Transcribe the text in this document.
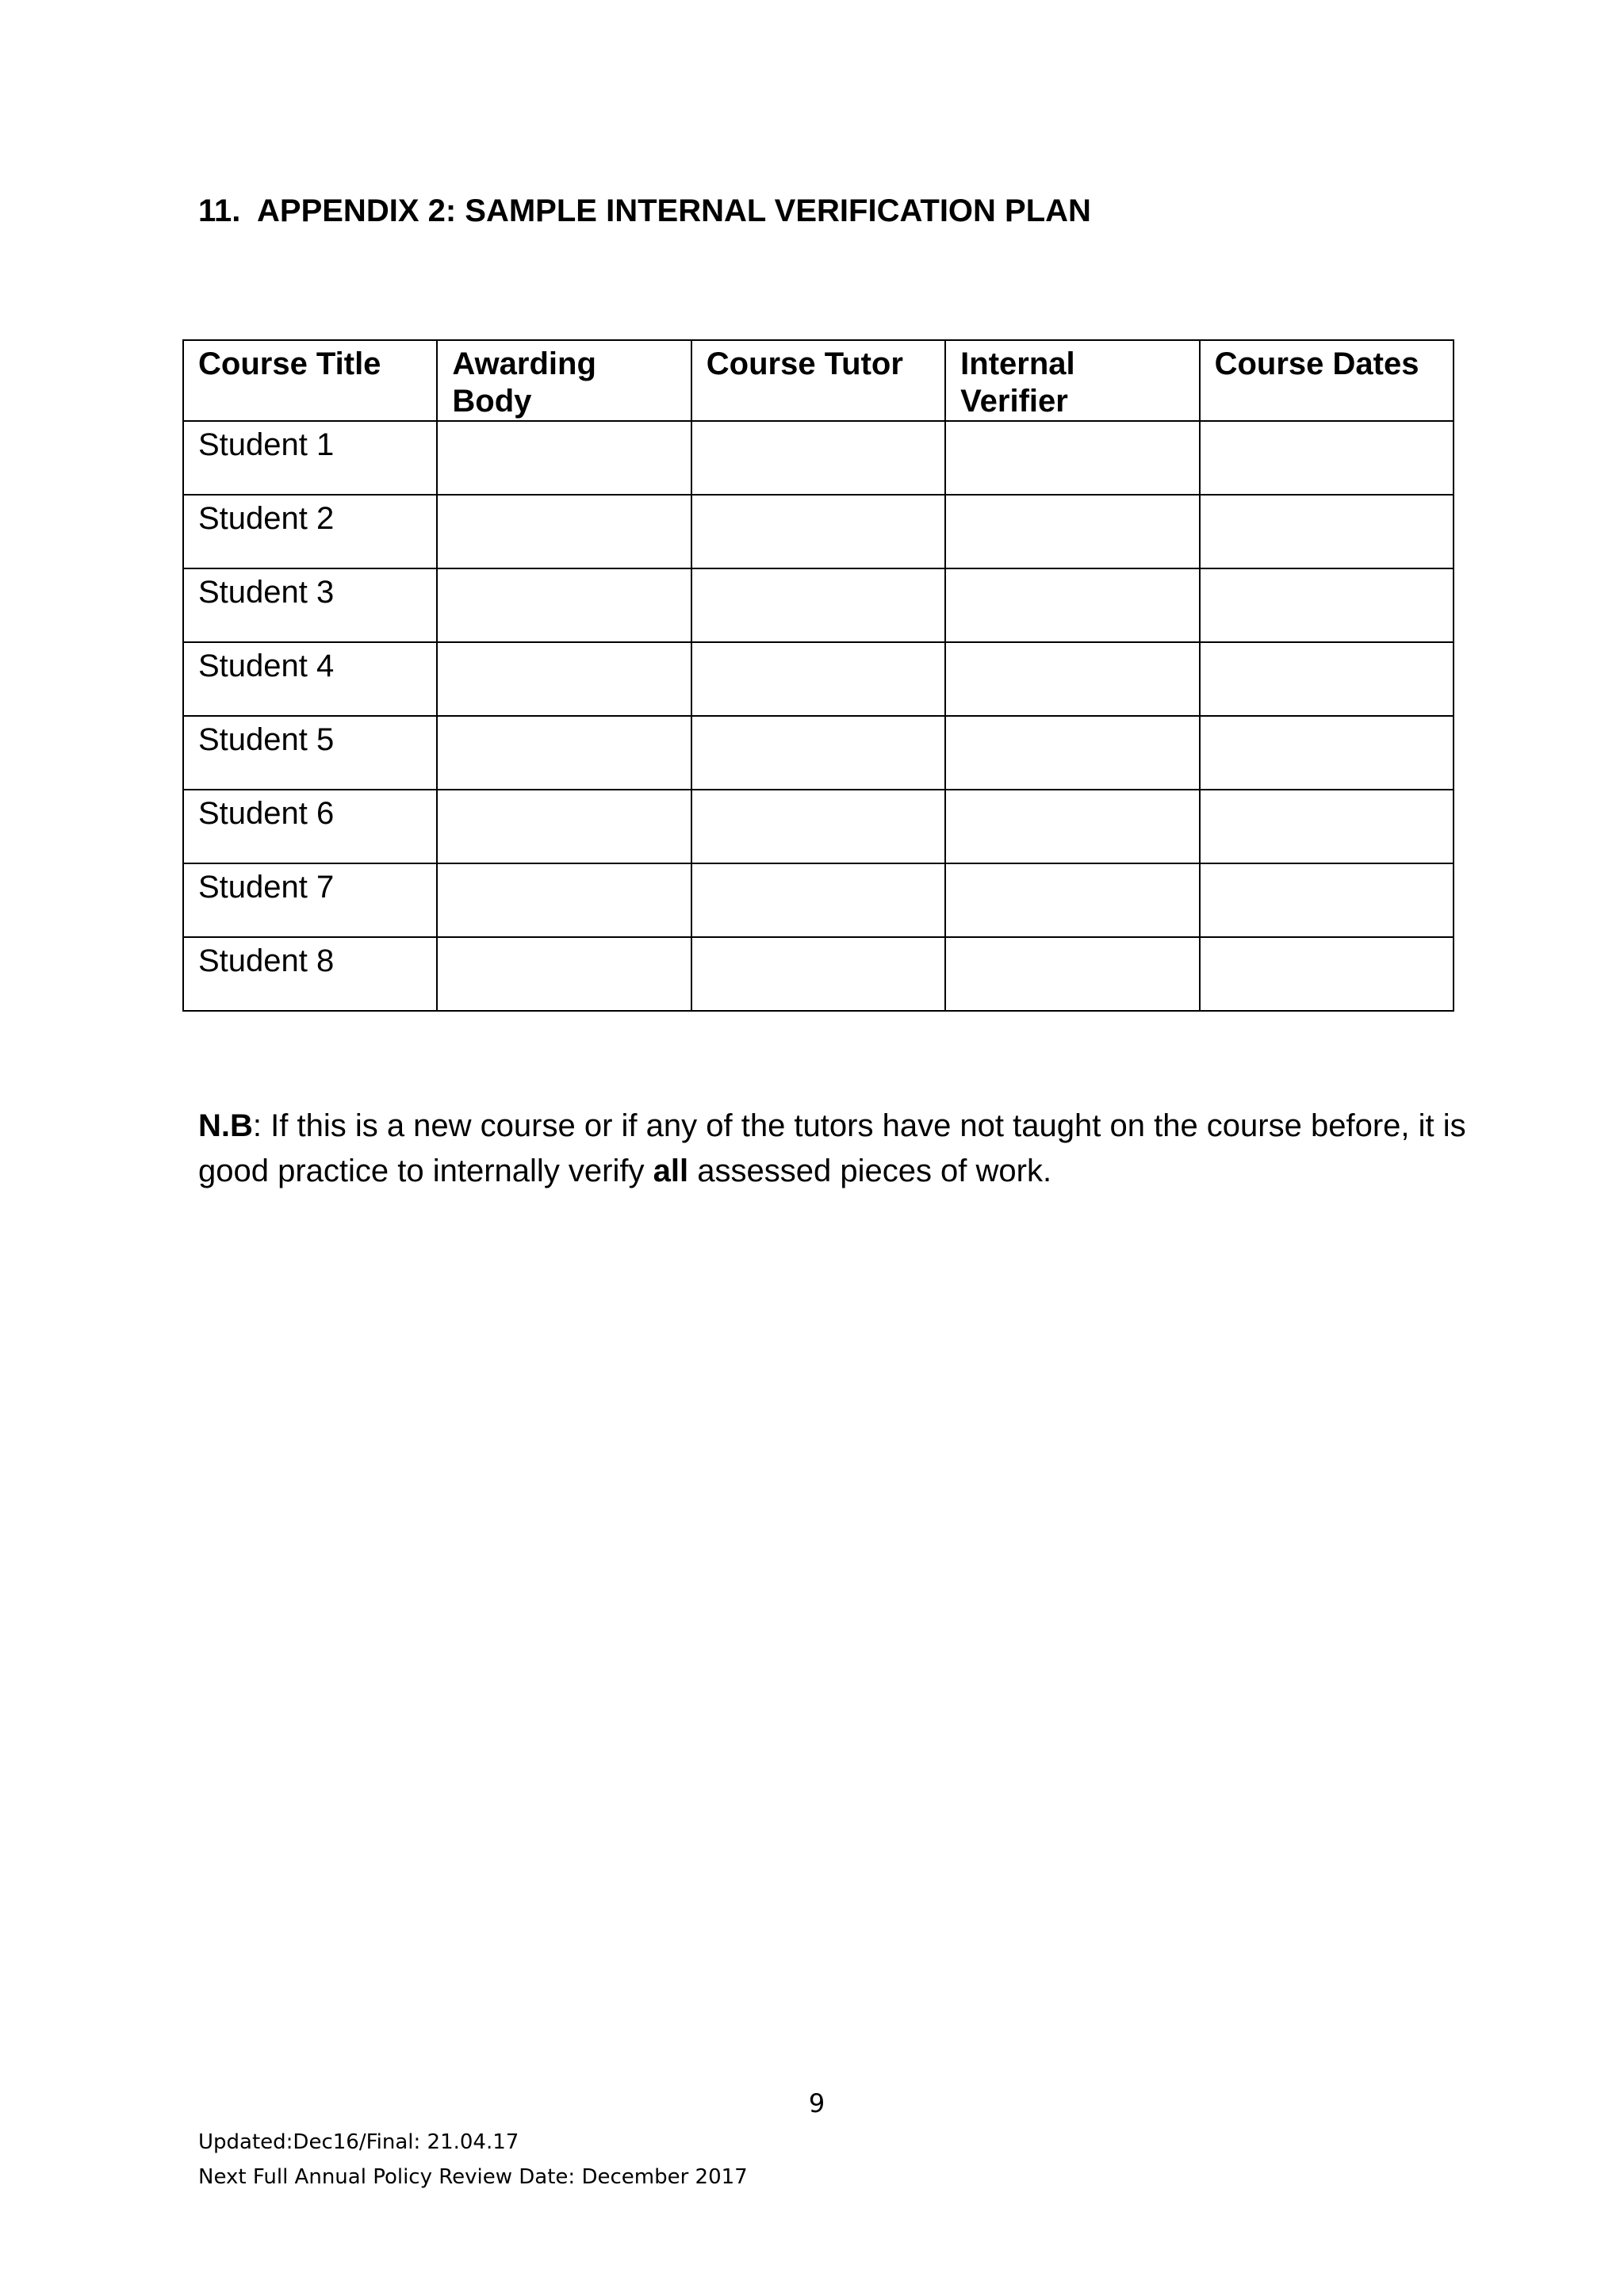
11. APPENDIX 2: SAMPLE INTERNAL VERIFICATION PLAN
Course Title	Awarding Body	Course Tutor	Internal Verifier	Course Dates
Student 1				
Student 2				
Student 3				
Student 4				
Student 5				
Student 6				
Student 7				
Student 8				
N.B: If this is a new course or if any of the tutors have not taught on the course before, it is good practice to internally verify all assessed pieces of work.
9
Updated:Dec16/Final: 21.04.17
Next Full Annual Policy Review Date: December 2017
